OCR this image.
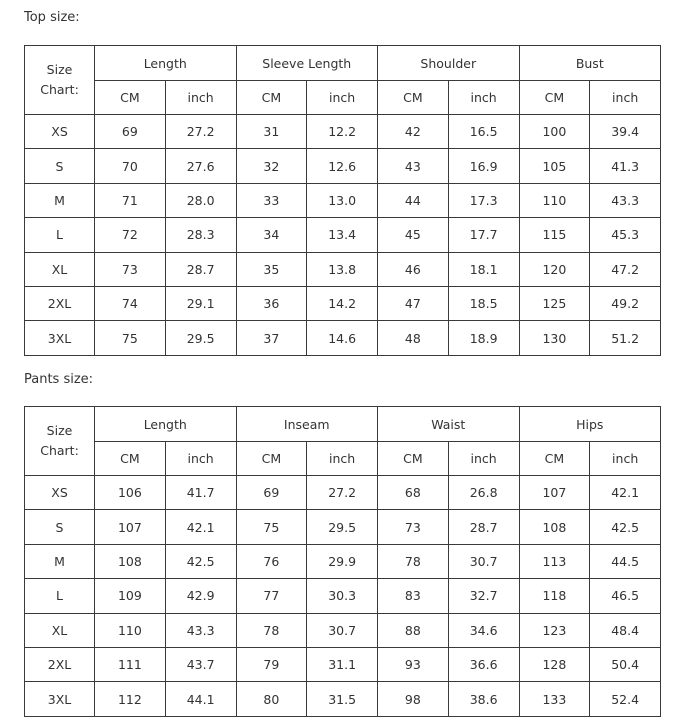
Top size:
Size
Chart:	Length		Sleeve Length		Shoulder		Bust	
	CM	inch	CM	inch	CM	inch	CM	inch
XS	69	27.2	31	12.2	42	16.5	100	39.4
S	70	27.6	32	12.6	43	16.9	105	41.3
M	71	28.0	33	13.0	44	17.3	110	43.3
L	72	28.3	34	13.4	45	17.7	115	45.3
XL	73	28.7	35	13.8	46	18.1	120	47.2
2XL	74	29.1	36	14.2	47	18.5	125	49.2
3XL	75	29.5	37	14.6	48	18.9	130	51.2
Pants size:
Size
Chart:	Length		Inseam		Waist		Hips	
	CM	inch	CM	inch	CM	inch	CM	inch
XS	106	41.7	69	27.2	68	26.8	107	42.1
S	107	42.1	75	29.5	73	28.7	108	42.5
M	108	42.5	76	29.9	78	30.7	113	44.5
L	109	42.9	77	30.3	83	32.7	118	46.5
XL	110	43.3	78	30.7	88	34.6	123	48.4
2XL	111	43.7	79	31.1	93	36.6	128	50.4
3XL	112	44.1	80	31.5	98	38.6	133	52.4
